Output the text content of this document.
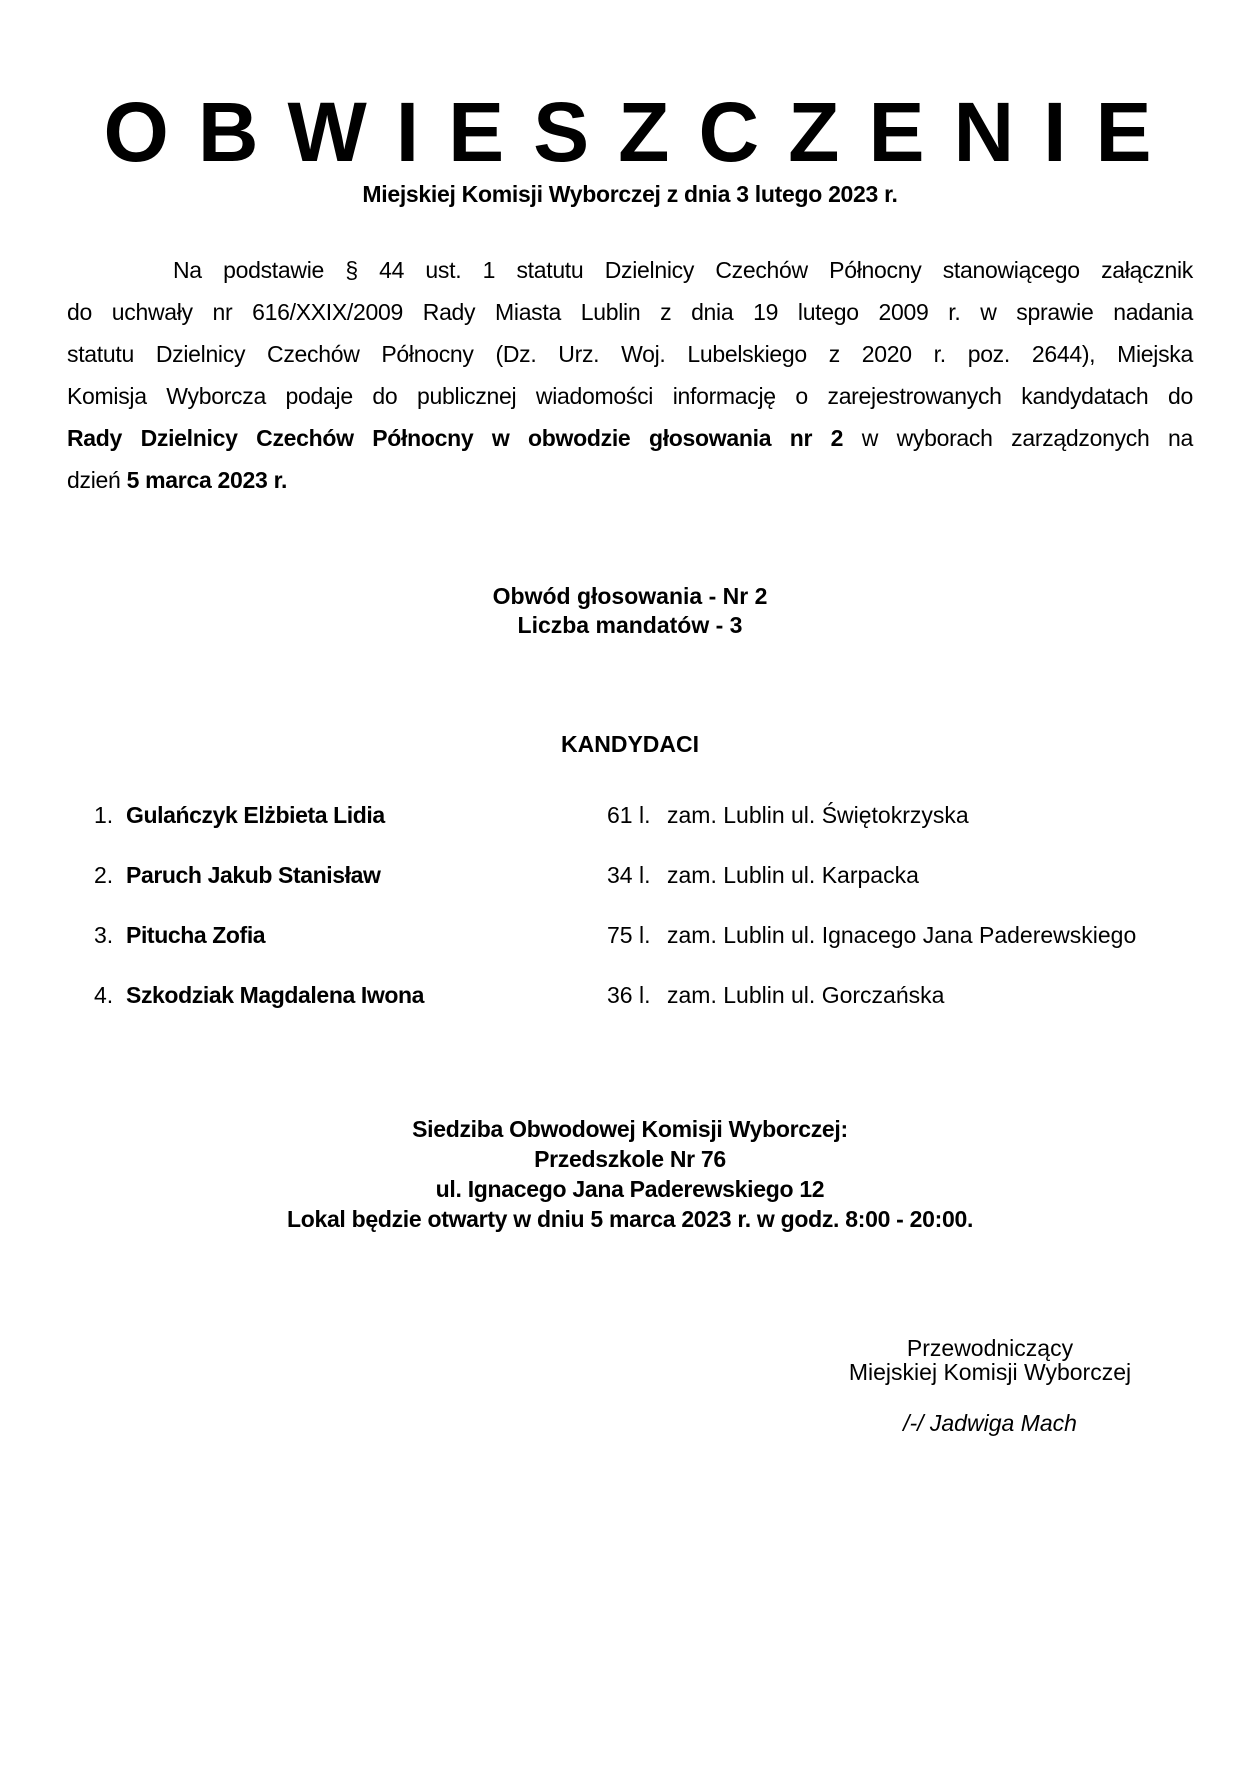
OBWIESZCZENIE
Miejskiej Komisji Wyborczej z dnia 3 lutego 2023 r.
Na podstawie § 44 ust. 1 statutu Dzielnicy Czechów Północny stanowiącego załącznik
do uchwały nr 616/XXIX/2009 Rady Miasta Lublin z dnia 19 lutego 2009 r. w sprawie nadania
statutu Dzielnicy Czechów Północny (Dz. Urz. Woj. Lubelskiego z 2020 r. poz. 2644), Miejska
Komisja Wyborcza podaje do publicznej wiadomości informację o zarejestrowanych kandydatach do
Rady Dzielnicy Czechów Północny w obwodzie głosowania nr 2 w wyborach zarządzonych na
dzień 5 marca 2023 r.
Obwód głosowania - Nr 2
Liczba mandatów - 3
KANDYDACI
1. Gulańczyk Elżbieta Lidia	61 l. zam. Lublin ul. Świętokrzyska
2. Paruch Jakub Stanisław	34 l. zam. Lublin ul. Karpacka
3. Pitucha Zofia	75 l. zam. Lublin ul. Ignacego Jana Paderewskiego
4. Szkodziak Magdalena Iwona	36 l. zam. Lublin ul. Gorczańska
Siedziba Obwodowej Komisji Wyborczej:
Przedszkole Nr 76
ul. Ignacego Jana Paderewskiego 12
Lokal będzie otwarty w dniu 5 marca 2023 r. w godz. 8:00 - 20:00.
Przewodniczący
Miejskiej Komisji Wyborczej
/-/ Jadwiga Mach
